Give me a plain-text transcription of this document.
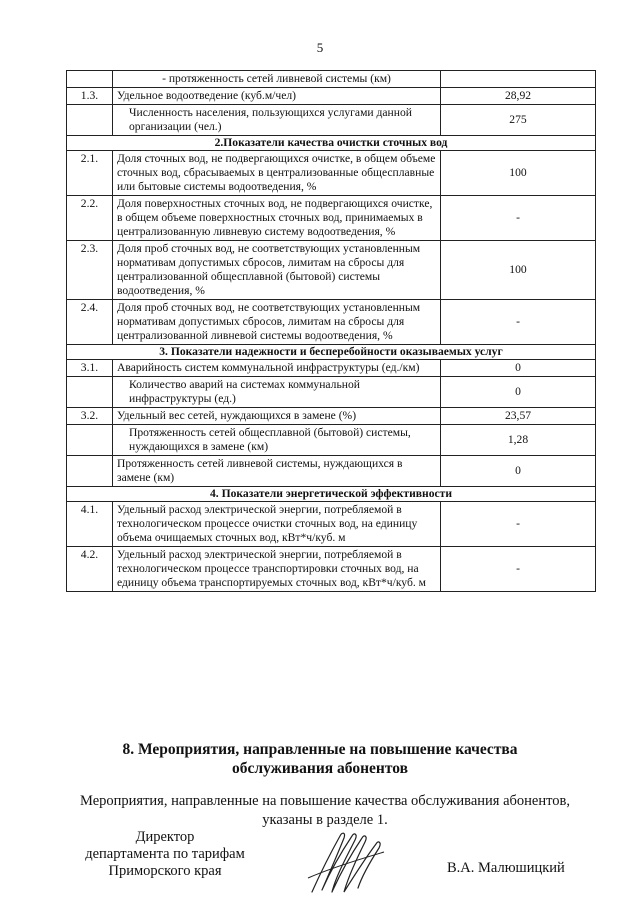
5
	- протяженность сетей ливневой системы (км)	
1.3.	Удельное водоотведение (куб.м/чел)	28,92

	Численность населения, пользующихся услугами данной организации (чел.)	275
2.Показатели качества очистки сточных вод		
2.1.	Доля сточных вод, не подвергающихся очистке, в общем объеме сточных вод, сбрасываемых в централизованные общесплавные или бытовые системы водоотведения, %	100
2.2.	Доля поверхностных сточных вод, не подвергающихся очистке, в общем объеме поверхностных сточных вод, принимаемых в централизованную ливневую систему водоотведения, %	-
2.3.	Доля проб сточных вод, не соответствующих установленным нормативам допустимых сбросов, лимитам на сбросы для централизованной общесплавной (бытовой) системы водоотведения, %	100
2.4.	Доля проб сточных вод, не соответствующих установленным нормативам допустимых сбросов, лимитам на сбросы для централизованной ливневой системы водоотведения, %	-
3. Показатели надежности и бесперебойности оказываемых услуг		
3.1.	Аварийность систем коммунальной инфраструктуры (ед./км)	0

	Количество аварий на системах коммунальной инфраструктуры (ед.)	0
3.2.	Удельный вес сетей, нуждающихся в замене (%)	23,57

	Протяженность сетей общесплавной (бытовой) системы, нуждающихся в замене (км)	1,28
	Протяженность сетей ливневой системы, нуждающихся в замене (км)	0
4. Показатели энергетической эффективности		
4.1.	Удельный расход электрической энергии, потребляемой в технологическом процессе очистки сточных вод, на единицу объема очищаемых сточных вод, кВт*ч/куб. м	-
4.2.	Удельный расход электрической энергии, потребляемой в технологическом процессе транспортировки сточных вод, на единицу объема транспортируемых сточных вод, кВт*ч/куб. м	-
8. Мероприятия, направленные на повышение качества
обслуживания абонентов
Мероприятия, направленные на повышение качества обслуживания абонентов,
указаны в разделе 1.
Директор
департамента по тарифам
Приморского края	В.А. Малюшицкий
